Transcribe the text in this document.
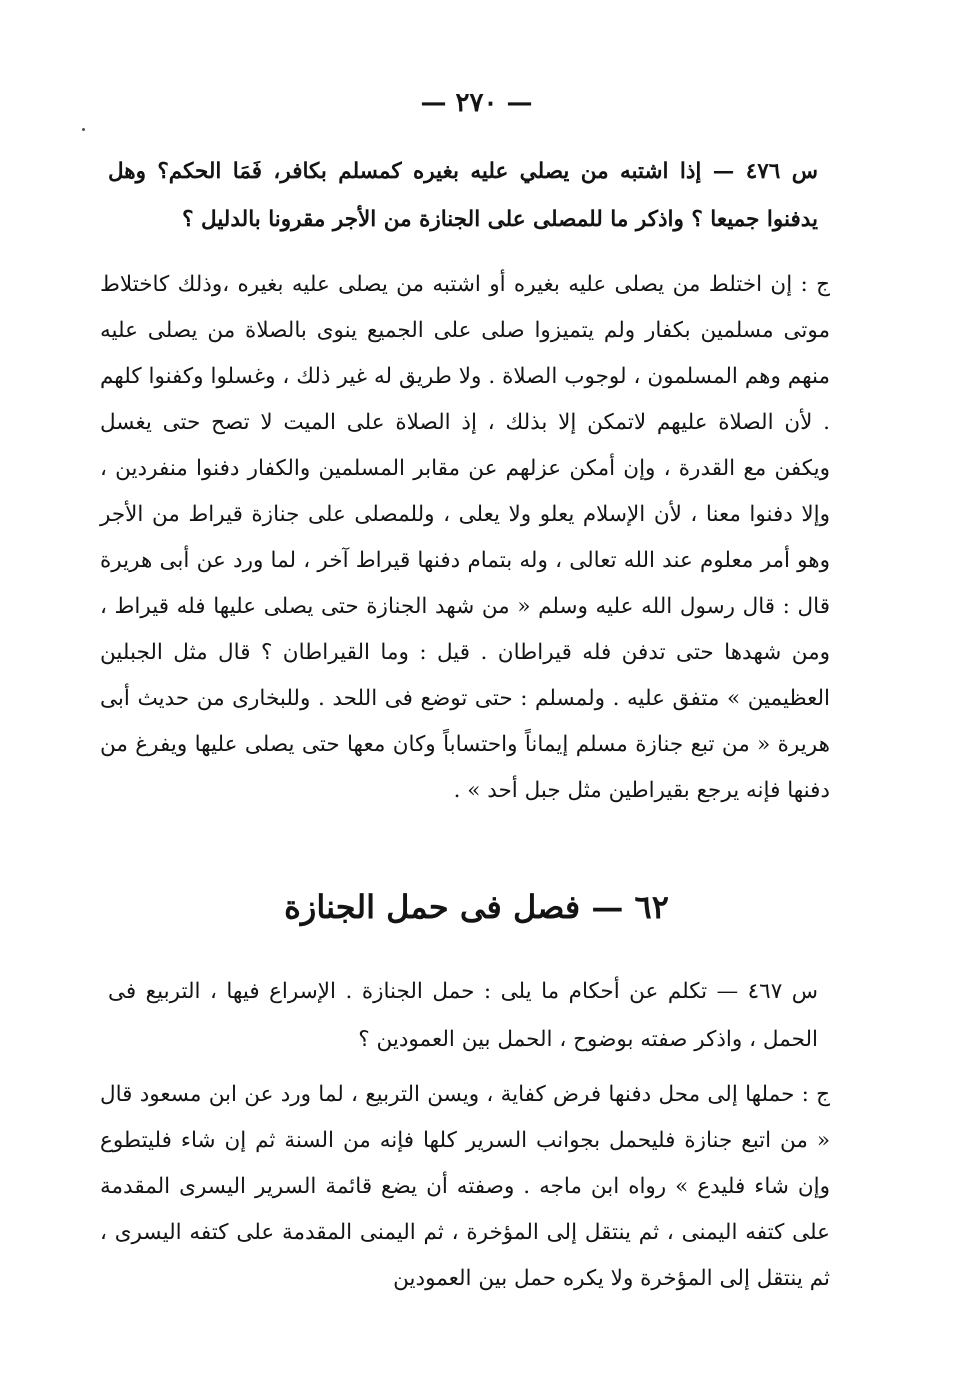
— ٢٧٠ —

س ٤٧٦ — إذا اشتبه من يصلي عليه بغيره كمسلم بكافر، فَمَا الحكم؟ وهل يدفنوا جميعا ؟ واذكر ما للمصلى على الجنازة من الأجر مقرونا بالدليل ؟

ج : إن اختلط من يصلى عليه بغيره أو اشتبه من يصلى عليه بغيره ،وذلك كاختلاط موتى مسلمين بكفار ولم يتميزوا صلى على الجميع ينوى بالصلاة من يصلى عليه منهم وهم المسلمون ، لوجوب الصلاة . ولا طريق له غير ذلك ، وغسلوا وكفنوا كلهم . لأن الصلاة عليهم لاتمكن إلا بذلك ، إذ الصلاة على الميت لا تصح حتى يغسل ويكفن مع القدرة ، وإن أمكن عزلهم عن مقابر المسلمين والكفار دفنوا منفردين ، وإلا دفنوا معنا ، لأن الإسلام يعلو ولا يعلى ، وللمصلى على جنازة قيراط من الأجر وهو أمر معلوم عند الله تعالى ، وله بتمام دفنها قيراط آخر ، لما ورد عن أبى هريرة قال : قال رسول الله عليه وسلم « من شهد الجنازة حتى يصلى عليها فله قيراط ، ومن شهدها حتى تدفن فله قيراطان . قيل : وما القيراطان ؟ قال مثل الجبلين العظيمين » متفق عليه . ولمسلم : حتى توضع فى اللحد . وللبخارى من حديث أبى هريرة « من تبع جنازة مسلم إيماناً واحتساباً وكان معها حتى يصلى عليها ويفرغ من دفنها فإنه يرجع بقيراطين مثل جبل أحد » .

٦٢ — فصل فى حمل الجنازة

س ٤٦٧ — تكلم عن أحكام ما يلى : حمل الجنازة . الإسراع فيها ، التربيع فى الحمل ، واذكر صفته بوضوح ، الحمل بين العمودين ؟

ج : حملها إلى محل دفنها فرض كفاية ، ويسن التربيع ، لما ورد عن ابن مسعود قال « من اتبع جنازة فليحمل بجوانب السرير كلها فإنه من السنة ثم إن شاء فليتطوع وإن شاء فليدع » رواه ابن ماجه . وصفته أن يضع قائمة السرير اليسرى المقدمة على كتفه اليمنى ، ثم ينتقل إلى المؤخرة ، ثم اليمنى المقدمة على كتفه اليسرى ، ثم ينتقل إلى المؤخرة ولا يكره حمل بين العمودين
